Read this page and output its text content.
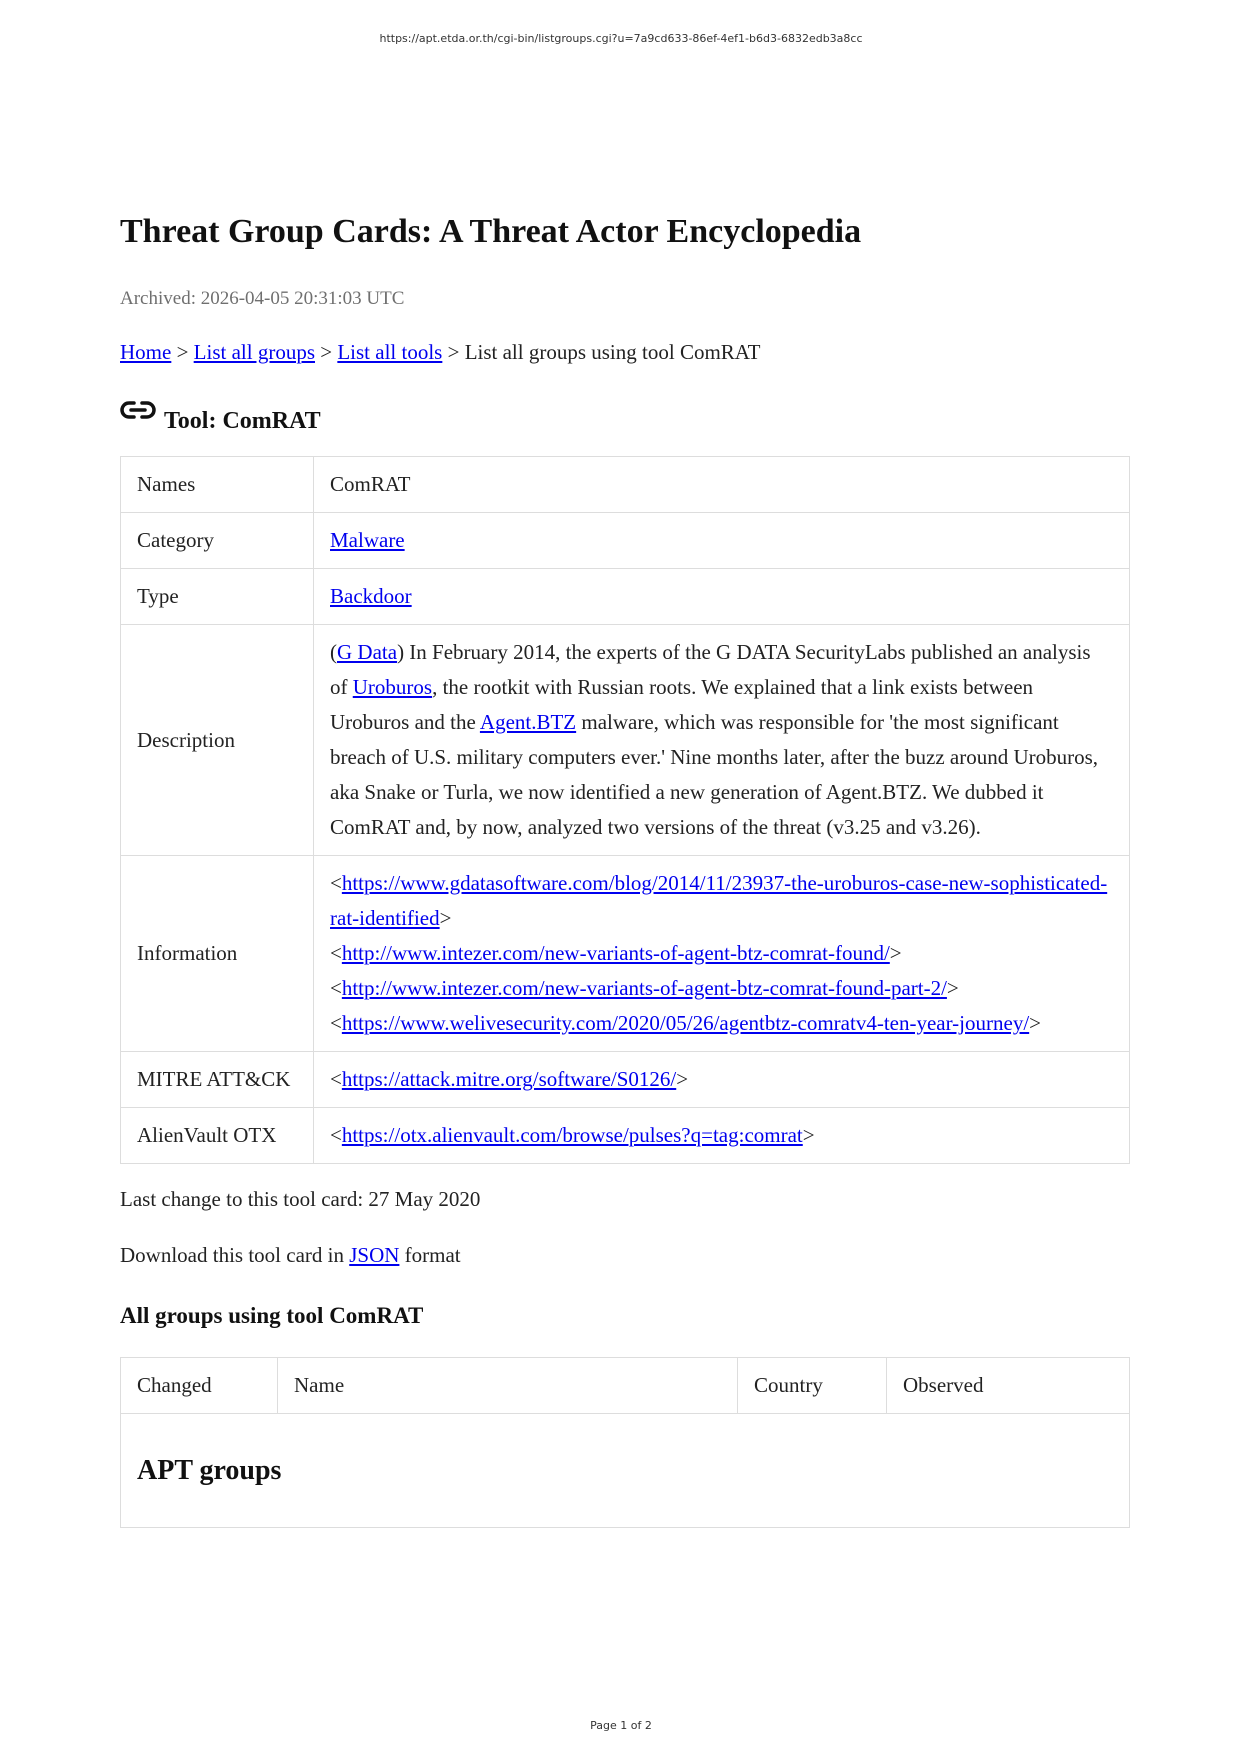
https://apt.etda.or.th/cgi-bin/listgroups.cgi?u=7a9cd633-86ef-4ef1-b6d3-6832edb3a8cc
Threat Group Cards: A Threat Actor Encyclopedia
Archived: 2026-04-05 20:31:03 UTC
Home > List all groups > List all tools > List all groups using tool ComRAT
Tool: ComRAT
Names	ComRAT
Category	Malware
Type	Backdoor
Description	(G Data) In February 2014, the experts of the G DATA SecurityLabs published an analysis of Uroburos, the rootkit with Russian roots. We explained that a link exists between Uroburos and the Agent.BTZ malware, which was responsible for 'the most significant breach of U.S. military computers ever.' Nine months later, after the buzz around Uroburos, aka Snake or Turla, we now identified a new generation of Agent.BTZ. We dubbed it ComRAT and, by now, analyzed two versions of the threat (v3.25 and v3.26).
Information	<https://www.gdatasoftware.com/blog/2014/11/23937-the-uroburos-case-new-sophisticated-rat-identified>
<http://www.intezer.com/new-variants-of-agent-btz-comrat-found/>
<http://www.intezer.com/new-variants-of-agent-btz-comrat-found-part-2/>
<https://www.welivesecurity.com/2020/05/26/agentbtz-comratv4-ten-year-journey/>
MITRE ATT&CK	<https://attack.mitre.org/software/S0126/>
AlienVault OTX	<https://otx.alienvault.com/browse/pulses?q=tag:comrat>
Last change to this tool card: 27 May 2020
Download this tool card in JSON format
All groups using tool ComRAT
Changed	Name	Country	Observed

APT groups
Page 1 of 2
